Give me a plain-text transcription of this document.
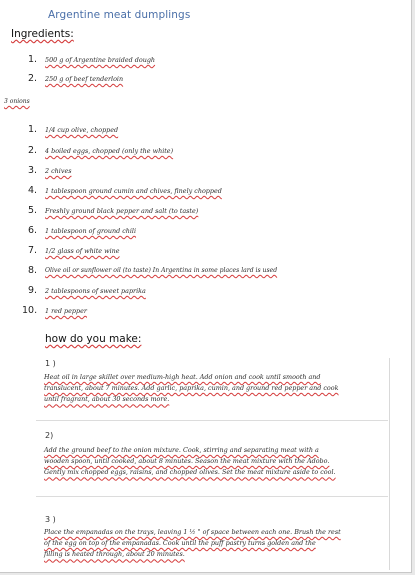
Argentine meat dumplings
Ingredients:
1. 500 g of Argentine braided dough
2. 250 g of beef tenderloin
3 onions
1. 1/4 cup olive, chopped
2. 4 boiled eggs, chopped (only the white)
3. 2 chives
4. 1 tablespoon ground cumin and chives, finely chopped
5. Freshly ground black pepper and salt (to taste)
6. 1 tablespoon of ground chili
7. 1/2 glass of white wine
8. Olive oil or sunflower oil (to taste) In Argentina in some places lard is used
9. 2 tablespoons of sweet paprika
10. 1 red pepper
how do you make:
1 )
Heat oil in large skillet over medium-high heat. Add onion and cook until smooth and
translucent, about 7 minutes. Add garlic, paprika, cumin, and ground red pepper and cook
until fragrant, about 30 seconds more.
2)
Add the ground beef to the onion mixture. Cook, stirring and separating meat with a
wooden spoon, until cooked, about 8 minutes. Season the meat mixture with the Adobo.
Gently mix chopped eggs, raisins, and chopped olives. Set the meat mixture aside to cool.
3 )
Place the empanadas on the trays, leaving 1 ½ " of space between each one. Brush the rest
of the egg on top of the empanadas. Cook until the puff pastry turns golden and the
filling is heated through, about 20 minutes.
